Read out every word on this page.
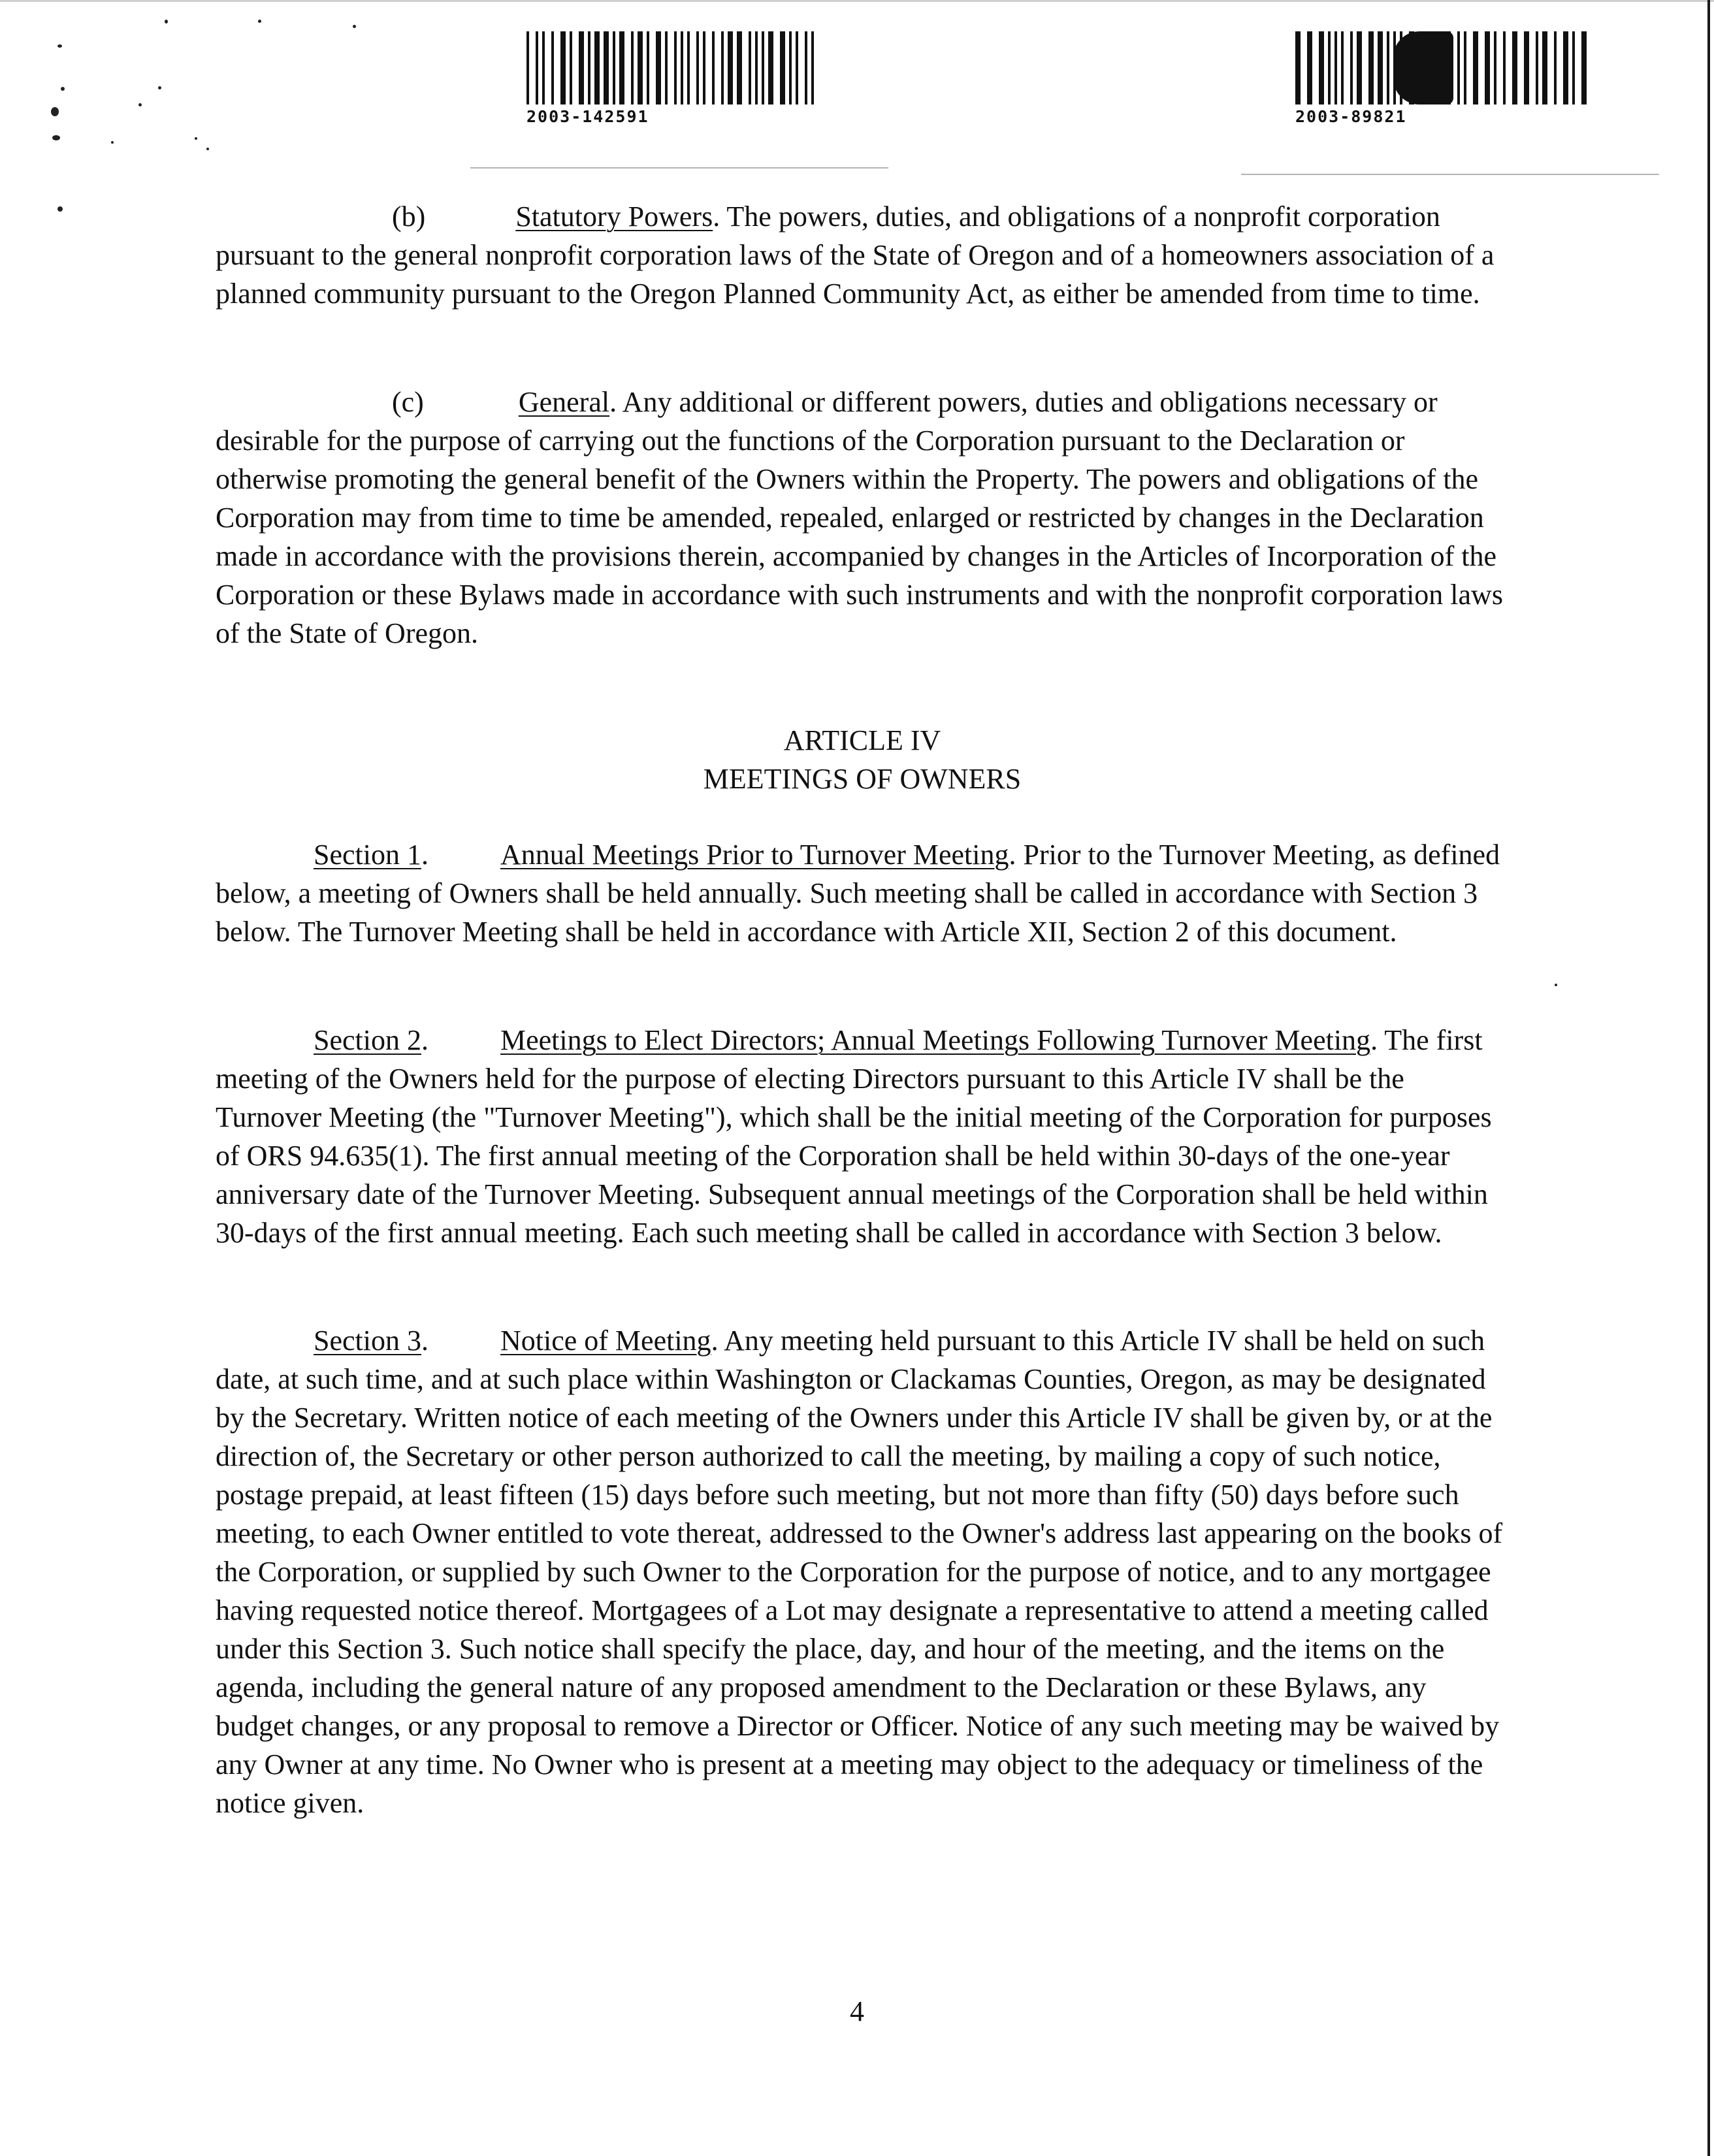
2003-142591	2003-89821

(b)	Statutory Powers. The powers, duties, and obligations of a nonprofit corporation pursuant to the general nonprofit corporation laws of the State of Oregon and of a homeowners association of a planned community pursuant to the Oregon Planned Community Act, as either be amended from time to time.

(c)	General. Any additional or different powers, duties and obligations necessary or desirable for the purpose of carrying out the functions of the Corporation pursuant to the Declaration or otherwise promoting the general benefit of the Owners within the Property. The powers and obligations of the Corporation may from time to time be amended, repealed, enlarged or restricted by changes in the Declaration made in accordance with the provisions therein, accompanied by changes in the Articles of Incorporation of the Corporation or these Bylaws made in accordance with such instruments and with the nonprofit corporation laws of the State of Oregon.

ARTICLE IV

MEETINGS OF OWNERS

Section 1.	Annual Meetings Prior to Turnover Meeting. Prior to the Turnover Meeting, as defined below, a meeting of Owners shall be held annually. Such meeting shall be called in accordance with Section 3 below. The Turnover Meeting shall be held in accordance with Article XII, Section 2 of this document.

Section 2.	Meetings to Elect Directors; Annual Meetings Following Turnover Meeting. The first meeting of the Owners held for the purpose of electing Directors pursuant to this Article IV shall be the Turnover Meeting (the "Turnover Meeting"), which shall be the initial meeting of the Corporation for purposes of ORS 94.635(1). The first annual meeting of the Corporation shall be held within 30-days of the one-year anniversary date of the Turnover Meeting. Subsequent annual meetings of the Corporation shall be held within 30-days of the first annual meeting. Each such meeting shall be called in accordance with Section 3 below.

Section 3.	Notice of Meeting. Any meeting held pursuant to this Article IV shall be held on such date, at such time, and at such place within Washington or Clackamas Counties, Oregon, as may be designated by the Secretary. Written notice of each meeting of the Owners under this Article IV shall be given by, or at the direction of, the Secretary or other person authorized to call the meeting, by mailing a copy of such notice, postage prepaid, at least fifteen (15) days before such meeting, but not more than fifty (50) days before such meeting, to each Owner entitled to vote thereat, addressed to the Owner's address last appearing on the books of the Corporation, or supplied by such Owner to the Corporation for the purpose of notice, and to any mortgagee having requested notice thereof. Mortgagees of a Lot may designate a representative to attend a meeting called under this Section 3. Such notice shall specify the place, day, and hour of the meeting, and the items on the agenda, including the general nature of any proposed amendment to the Declaration or these Bylaws, any budget changes, or any proposal to remove a Director or Officer. Notice of any such meeting may be waived by any Owner at any time. No Owner who is present at a meeting may object to the adequacy or timeliness of the notice given.

4
